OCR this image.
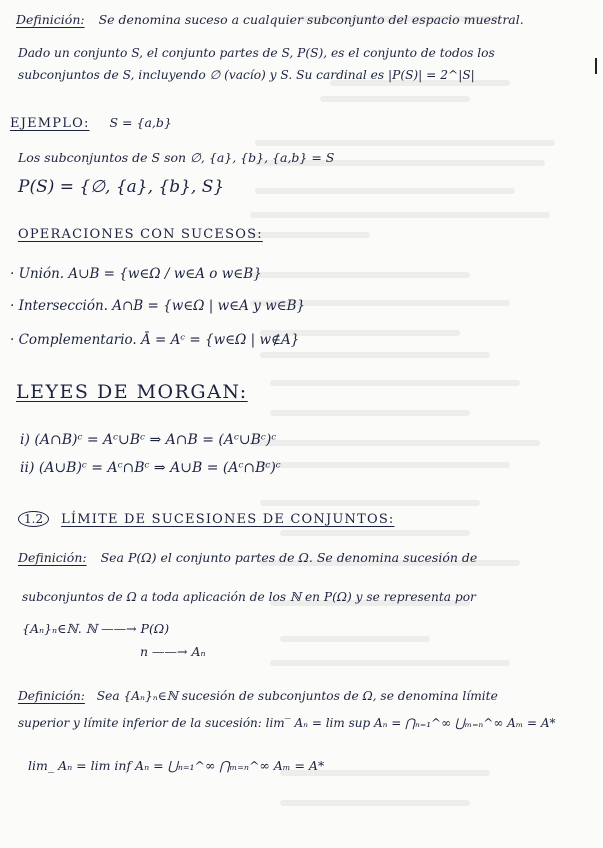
Definición: Se denomina suceso a cualquier subconjunto del espacio muestral.
Dado un conjunto S, el conjunto partes de S, P(S), es el conjunto de todos los
subconjuntos de S, incluyendo ∅ (vacío) y S. Su cardinal es |P(S)| = 2^|S|
EJEMPLO: S = {a,b}
Los subconjuntos de S son ∅, {a}, {b}, {a,b} = S
P(S) = {∅, {a}, {b}, S}
OPERACIONES CON SUCESOS:
· Unión. A∪B = {w∈Ω / w∈A o w∈B}
· Intersección. A∩B = {w∈Ω | w∈A y w∈B}
· Complementario. Ā = Aᶜ = {w∈Ω | w∉A}
LEYES DE MORGAN:
i) (A∩B)ᶜ = Aᶜ∪Bᶜ ⇒ A∩B = (Aᶜ∪Bᶜ)ᶜ
ii) (A∪B)ᶜ = Aᶜ∩Bᶜ ⇒ A∪B = (Aᶜ∩Bᶜ)ᶜ
1.2 LÍMITE DE SUCESIONES DE CONJUNTOS:
Definición: Sea P(Ω) el conjunto partes de Ω. Se denomina sucesión de
subconjuntos de Ω a toda aplicación de los ℕ en P(Ω) y se representa por
{Aₙ}ₙ∈ℕ. ℕ ——→ P(Ω)
n ——→ Aₙ
Definición: Sea {Aₙ}ₙ∈ℕ sucesión de subconjuntos de Ω, se denomina límite
superior y límite inferior de la sucesión: lim‾ Aₙ = lim sup Aₙ = ⋂ₙ₌₁^∞ ⋃ₘ₌ₙ^∞ Aₘ = A*
lim_ Aₙ = lim inf Aₙ = ⋃ₙ₌₁^∞ ⋂ₘ₌ₙ^∞ Aₘ = A*
